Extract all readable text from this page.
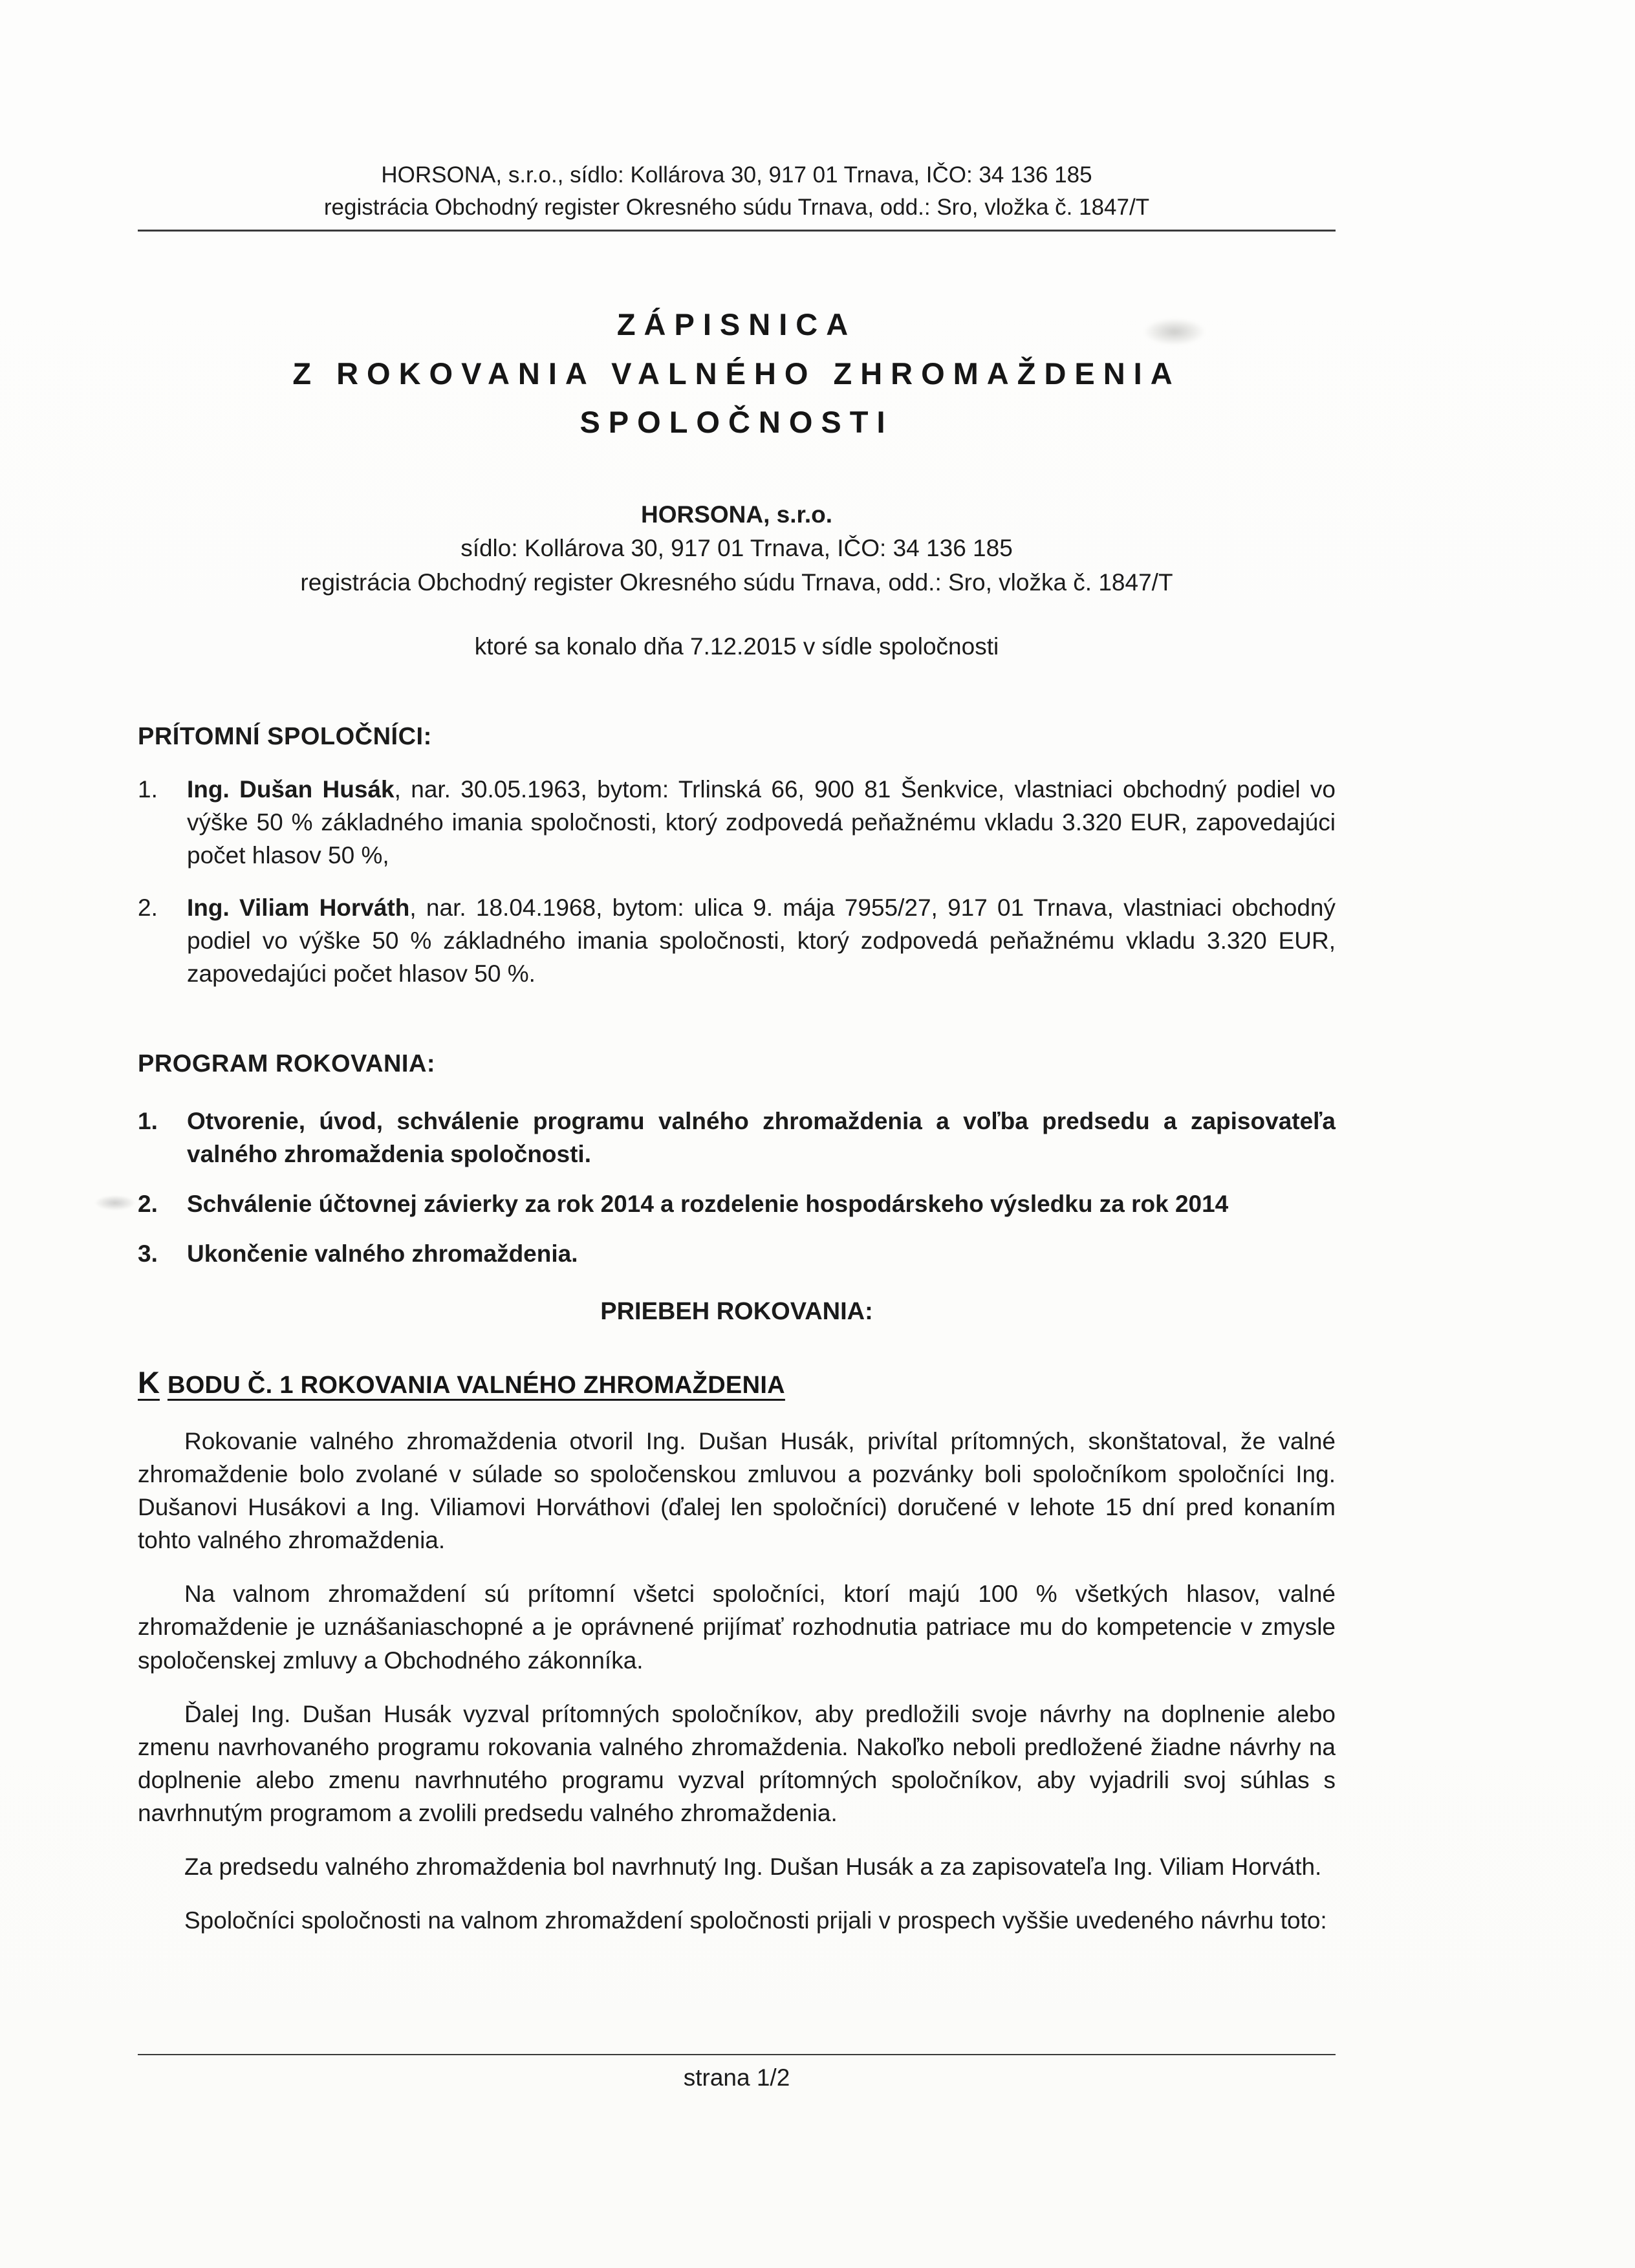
HORSONA, s.r.o., sídlo: Kollárova 30, 917 01 Trnava, IČO: 34 136 185
registrácia Obchodný register Okresného súdu Trnava, odd.: Sro, vložka č. 1847/T
ZÁPISNICA
Z ROKOVANIA VALNÉHO ZHROMAŽDENIA
SPOLOČNOSTI
HORSONA, s.r.o.
sídlo: Kollárova 30, 917 01 Trnava, IČO: 34 136 185
registrácia Obchodný register Okresného súdu Trnava, odd.: Sro, vložka č. 1847/T
ktoré sa konalo dňa 7.12.2015 v sídle spoločnosti
PRÍTOMNÍ SPOLOČNÍCI:
1.	Ing. Dušan Husák, nar. 30.05.1963, bytom: Trlinská 66, 900 81 Šenkvice, vlastniaci obchodný podiel vo výške 50 % základného imania spoločnosti, ktorý zodpovedá peňažnému vkladu 3.320 EUR, zapovedajúci počet hlasov 50 %,
2.	Ing. Viliam Horváth, nar. 18.04.1968, bytom: ulica 9. mája 7955/27, 917 01 Trnava, vlastniaci obchodný podiel vo výške 50 % základného imania spoločnosti, ktorý zodpovedá peňažnému vkladu 3.320 EUR, zapovedajúci počet hlasov 50 %.
PROGRAM ROKOVANIA:
1.	Otvorenie, úvod, schválenie programu valného zhromaždenia a voľba predsedu a zapisovateľa valného zhromaždenia spoločnosti.
2.	Schválenie účtovnej závierky za rok 2014 a rozdelenie hospodárskeho výsledku za rok 2014
3.	Ukončenie valného zhromaždenia.
PRIEBEH ROKOVANIA:
K BODU Č. 1 ROKOVANIA VALNÉHO ZHROMAŽDENIA

Rokovanie valného zhromaždenia otvoril Ing. Dušan Husák, privítal prítomných, skonštatoval, že valné zhromaždenie bolo zvolané v súlade so spoločenskou zmluvou a pozvánky boli spoločníkom spoločníci Ing. Dušanovi Husákovi a Ing. Viliamovi Horváthovi (ďalej len spoločníci) doručené v lehote 15 dní pred konaním tohto valného zhromaždenia.

Na valnom zhromaždení sú prítomní všetci spoločníci, ktorí majú 100 % všetkých hlasov, valné zhromaždenie je uznášaniaschopné a je oprávnené prijímať rozhodnutia patriace mu do kompetencie v zmysle spoločenskej zmluvy a Obchodného zákonníka.

Ďalej Ing. Dušan Husák vyzval prítomných spoločníkov, aby predložili svoje návrhy na doplnenie alebo zmenu navrhovaného programu rokovania valného zhromaždenia. Nakoľko neboli predložené žiadne návrhy na doplnenie alebo zmenu navrhnutého programu vyzval prítomných spoločníkov, aby vyjadrili svoj súhlas s navrhnutým programom a zvolili predsedu valného zhromaždenia.

Za predsedu valného zhromaždenia bol navrhnutý Ing. Dušan Husák a za zapisovateľa Ing. Viliam Horváth.

Spoločníci spoločnosti na valnom zhromaždení spoločnosti prijali v prospech vyššie uvedeného návrhu toto:

strana 1/2
